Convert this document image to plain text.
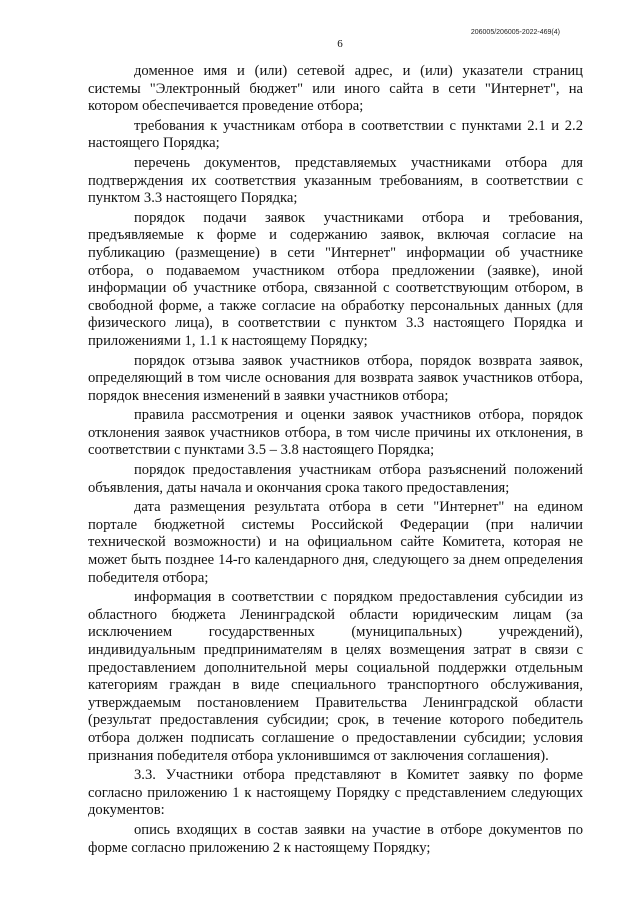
206005/206005-2022-469(4)
6

доменное имя и (или) сетевой адрес, и (или) указатели страниц системы "Электронный бюджет" или иного сайта в сети "Интернет", на котором обеспечивается проведение отбора;

требования к участникам отбора в соответствии с пунктами 2.1 и 2.2 настоящего Порядка;

перечень документов, представляемых участниками отбора для подтверждения их соответствия указанным требованиям, в соответствии с пунктом 3.3 настоящего Порядка;

порядок подачи заявок участниками отбора и требования, предъявляемые к форме и содержанию заявок, включая согласие на публикацию (размещение) в сети "Интернет" информации об участнике отбора, о подаваемом участником отбора предложении (заявке), иной информации об участнике отбора, связанной с соответствующим отбором, в свободной форме, а также согласие на обработку персональных данных (для физического лица), в соответствии с пунктом 3.3 настоящего Порядка и приложениями 1, 1.1 к настоящему Порядку;

порядок отзыва заявок участников отбора, порядок возврата заявок, определяющий в том числе основания для возврата заявок участников отбора, порядок внесения изменений в заявки участников отбора;

правила рассмотрения и оценки заявок участников отбора, порядок отклонения заявок участников отбора, в том числе причины их отклонения, в соответствии с пунктами 3.5 – 3.8 настоящего Порядка;

порядок предоставления участникам отбора разъяснений положений объявления, даты начала и окончания срока такого предоставления;

дата размещения результата отбора в сети "Интернет" на едином портале бюджетной системы Российской Федерации (при наличии технической возможности) и на официальном сайте Комитета, которая не может быть позднее 14-го календарного дня, следующего за днем определения победителя отбора;

информация в соответствии с порядком предоставления субсидии из областного бюджета Ленинградской области юридическим лицам (за исключением государственных (муниципальных) учреждений), индивидуальным предпринимателям в целях возмещения затрат в связи с предоставлением дополнительной меры социальной поддержки отдельным категориям граждан в виде специального транспортного обслуживания, утверждаемым постановлением Правительства Ленинградской области (результат предоставления субсидии; срок, в течение которого победитель отбора должен подписать соглашение о предоставлении субсидии; условия признания победителя отбора уклонившимся от заключения соглашения).

3.3. Участники отбора представляют в Комитет заявку по форме согласно приложению 1 к настоящему Порядку с представлением следующих документов:

опись входящих в состав заявки на участие в отборе документов по форме согласно приложению 2 к настоящему Порядку;
